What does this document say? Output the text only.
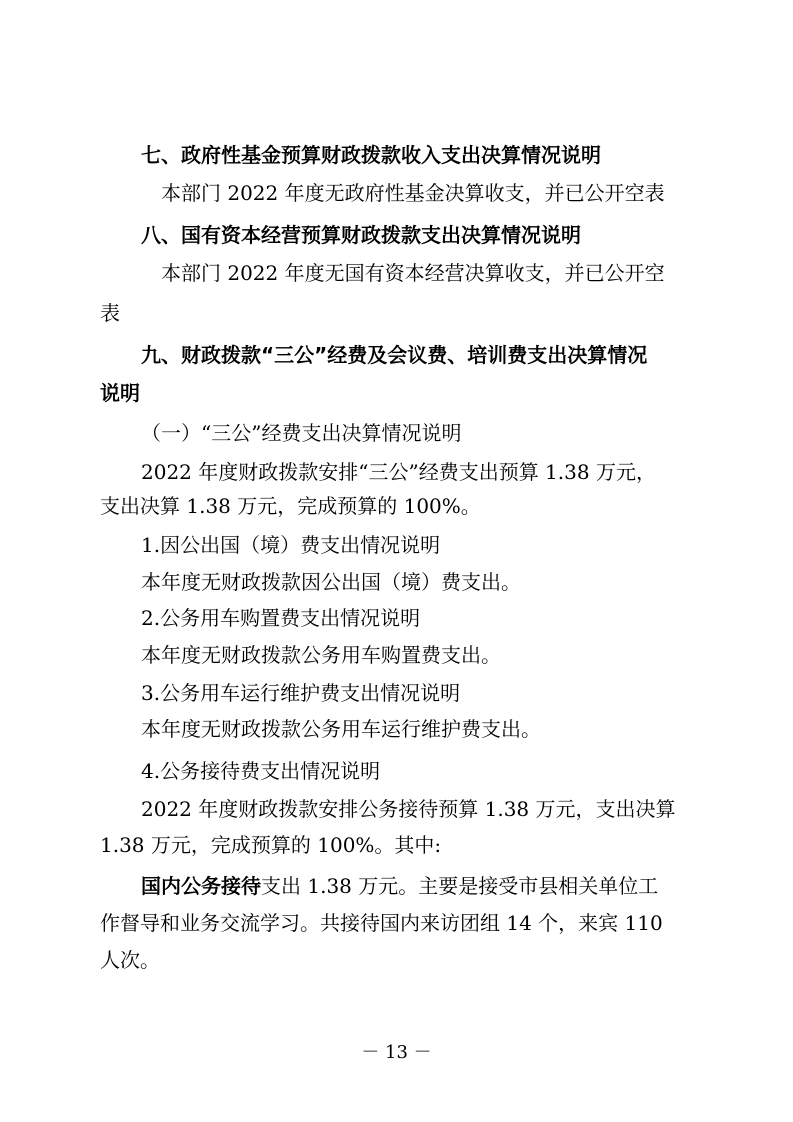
七、政府性基金预算财政拨款收入支出决算情况说明
本部门 2022 年度无政府性基金决算收支，并已公开空表
八、国有资本经营预算财政拨款支出决算情况说明
本部门 2022 年度无国有资本经营决算收支，并已公开空
表
九、财政拨款“三公”经费及会议费、培训费支出决算情况
说明
（一）“三公”经费支出决算情况说明
2022 年度财政拨款安排“三公”经费支出预算 1.38 万元，
支出决算 1.38 万元，完成预算的 100%。
1.因公出国（境）费支出情况说明
本年度无财政拨款因公出国（境）费支出。
2.公务用车购置费支出情况说明
本年度无财政拨款公务用车购置费支出。
3.公务用车运行维护费支出情况说明
本年度无财政拨款公务用车运行维护费支出。
4.公务接待费支出情况说明
2022 年度财政拨款安排公务接待预算 1.38 万元，支出决算
1.38 万元，完成预算的 100%。其中:
国内公务接待支出 1.38 万元。主要是接受市县相关单位工
作督导和业务交流学习。共接待国内来访团组 14 个，来宾 110
人次。
－ 13 －
